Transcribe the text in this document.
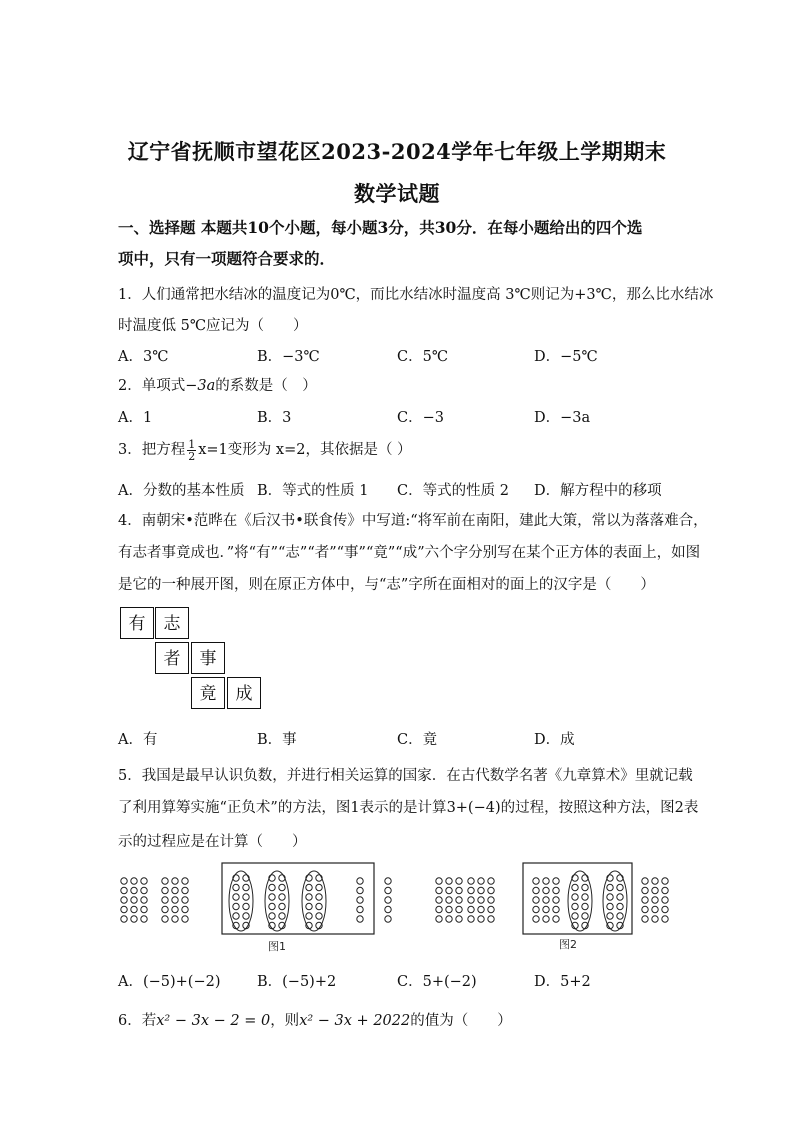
辽宁省抚顺市望花区2023-2024学年七年级上学期期末
数学试题
一、选择题 本题共10个小题，每小题3分，共30分．在每小题给出的四个选
项中，只有一项题符合要求的．
1．人们通常把水结冰的温度记为0℃，而比水结冰时温度高 3℃则记为+3℃，那么比水结冰
时温度低 5℃应记为（　　）
A．3℃	B．−3℃	C．5℃	D．−5℃
2．单项式−3a的系数是（　）
A．1	B．3	C．−3	D．−3a
3．把方程 $\frac{1}{2} x=1$变形为 x=2，其依据是（ ）
A．分数的基本性质 B．等式的性质 1 C．等式的性质 2 D．解方程中的移项
4．南朝宋•范晔在《后汉书•联食传》中写道:“将军前在南阳，建此大策，常以为落落难合，
有志者事竟成也．”将“有”“志”“者”“事”“竟”“成”六个字分别写在某个正方体的表面上，如图
是它的一种展开图，则在原正方体中，与“志”字所在面相对的面上的汉字是（　　）
有	志
者	事
竟	成
A．有	B．事	C．竟	D．成
5．我国是最早认识负数，并进行相关运算的国家．在古代数学名著《九章算术》里就记载
了利用算筹实施“正负术”的方法，图1表示的是计算3+(−4)的过程，按照这种方法，图2表
示的过程应是在计算（　　）
图1	图2
A．(−5)+(−2)	B．(−5)+2	C．5+(−2)	D．5+2
6．若x² − 3x − 2 = 0，则x² − 3x + 2022的值为（　　）
